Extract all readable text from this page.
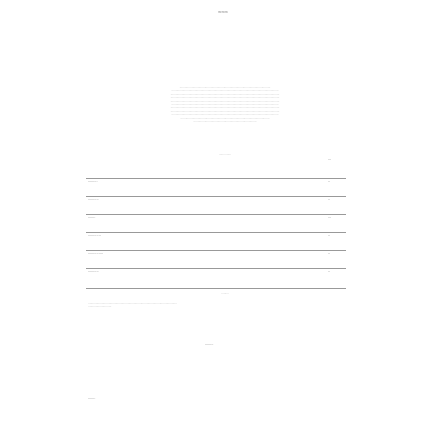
≈≈≈
·········································································································
····························································································································
······························································································································
······························································································································
······························································································································
····························································································································
······························································································································
······························································································································
····························································································································
·······································································································
·········································································
··············
···
·········	··
··········	··
·······	···
············	··
··············	··
··········	··
·········
·······································································································
···························
········
·······
